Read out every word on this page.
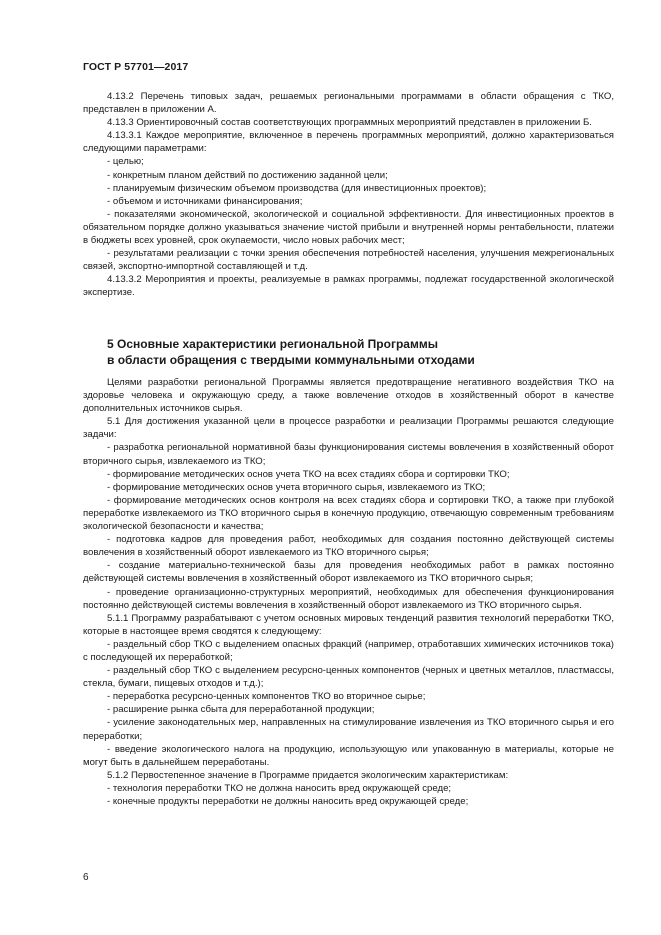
ГОСТ Р 57701—2017

4.13.2 Перечень типовых задач, решаемых региональными программами в области обращения с ТКО, представлен в приложении А.

4.13.3 Ориентировочный состав соответствующих программных мероприятий представлен в приложении Б.

4.13.3.1 Каждое мероприятие, включенное в перечень программных мероприятий, должно характеризоваться следующими параметрами:

- целью;

- конкретным планом действий по достижению заданной цели;

- планируемым физическим объемом производства (для инвестиционных проектов);

- объемом и источниками финансирования;

- показателями экономической, экологической и социальной эффективности. Для инвестиционных проектов в обязательном порядке должно указываться значение чистой прибыли и внутренней нормы рентабельности, платежи в бюджеты всех уровней, срок окупаемости, число новых рабочих мест;

- результатами реализации с точки зрения обеспечения потребностей населения, улучшения межрегиональных связей, экспортно-импортной составляющей и т.д.

4.13.3.2 Мероприятия и проекты, реализуемые в рамках программы, подлежат государственной экологической экспертизе.

5 Основные характеристики региональной Программы
в области обращения с твердыми коммунальными отходами

Целями разработки региональной Программы является предотвращение негативного воздействия ТКО на здоровье человека и окружающую среду, а также вовлечение отходов в хозяйственный оборот в качестве дополнительных источников сырья.

5.1 Для достижения указанной цели в процессе разработки и реализации Программы решаются следующие задачи:

- разработка региональной нормативной базы функционирования системы вовлечения в хозяйственный оборот вторичного сырья, извлекаемого из ТКО;

- формирование методических основ учета ТКО на всех стадиях сбора и сортировки ТКО;

- формирование методических основ учета вторичного сырья, извлекаемого из ТКО;

- формирование методических основ контроля на всех стадиях сбора и сортировки ТКО, а также при глубокой переработке извлекаемого из ТКО вторичного сырья в конечную продукцию, отвечающую современным требованиям экологической безопасности и качества;

- подготовка кадров для проведения работ, необходимых для создания постоянно действующей системы вовлечения в хозяйственный оборот извлекаемого из ТКО вторичного сырья;

- создание материально-технической базы для проведения необходимых работ в рамках постоянно действующей системы вовлечения в хозяйственный оборот извлекаемого из ТКО вторичного сырья;

- проведение организационно-структурных мероприятий, необходимых для обеспечения функционирования постоянно действующей системы вовлечения в хозяйственный оборот извлекаемого из ТКО вторичного сырья.

5.1.1 Программу разрабатывают с учетом основных мировых тенденций развития технологий переработки ТКО, которые в настоящее время сводятся к следующему:

- раздельный сбор ТКО с выделением опасных фракций (например, отработавших химических источников тока) с последующей их переработкой;

- раздельный сбор ТКО с выделением ресурсно-ценных компонентов (черных и цветных металлов, пластмассы, стекла, бумаги, пищевых отходов и т.д.);

- переработка ресурсно-ценных компонентов ТКО во вторичное сырье;

- расширение рынка сбыта для переработанной продукции;

- усиление законодательных мер, направленных на стимулирование извлечения из ТКО вторичного сырья и его переработки;

- введение экологического налога на продукцию, использующую или упакованную в материалы, которые не могут быть в дальнейшем переработаны.

5.1.2 Первостепенное значение в Программе придается экологическим характеристикам:

- технология переработки ТКО не должна наносить вред окружающей среде;

- конечные продукты переработки не должны наносить вред окружающей среде;

6
